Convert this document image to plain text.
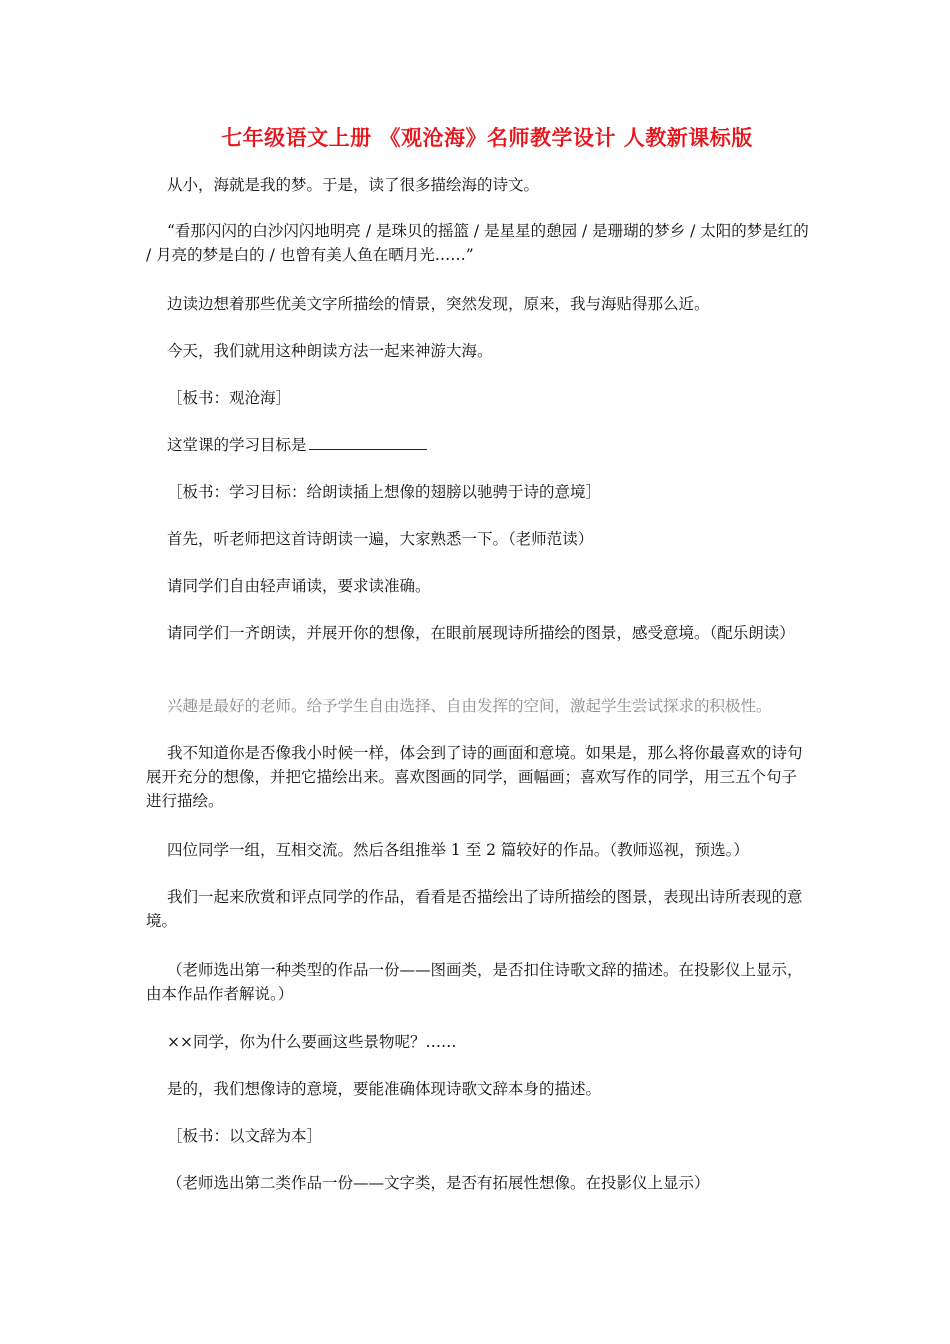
七年级语文上册 《观沧海》名师教学设计 人教新课标版
从小，海就是我的梦。于是，读了很多描绘海的诗文。
“看那闪闪的白沙闪闪地明亮 / 是珠贝的摇篮 / 是星星的憩园 / 是珊瑚的梦乡 / 太阳的梦是红的 / 月亮的梦是白的 / 也曾有美人鱼在晒月光……”
边读边想着那些优美文字所描绘的情景，突然发现，原来，我与海贴得那么近。
今天，我们就用这种朗读方法一起来神游大海。
［板书：观沧海］
这堂课的学习目标是
［板书：学习目标：给朗读插上想像的翅膀以驰骋于诗的意境］
首先，听老师把这首诗朗读一遍，大家熟悉一下。（老师范读）
请同学们自由轻声诵读，要求读准确。
请同学们一齐朗读，并展开你的想像，在眼前展现诗所描绘的图景，感受意境。（配乐朗读）
兴趣是最好的老师。给予学生自由选择、自由发挥的空间，激起学生尝试探求的积极性。
我不知道你是否像我小时候一样，体会到了诗的画面和意境。如果是，那么将你最喜欢的诗句展开充分的想像，并把它描绘出来。喜欢图画的同学，画幅画；喜欢写作的同学，用三五个句子进行描绘。
四位同学一组，互相交流。然后各组推举 1 至 2 篇较好的作品。（教师巡视，预选。）
我们一起来欣赏和评点同学的作品，看看是否描绘出了诗所描绘的图景，表现出诗所表现的意境。
（老师选出第一种类型的作品一份——图画类，是否扣住诗歌文辞的描述。在投影仪上显示，由本作品作者解说。）
××同学，你为什么要画这些景物呢？……
是的，我们想像诗的意境，要能准确体现诗歌文辞本身的描述。
［板书：以文辞为本］
（老师选出第二类作品一份——文字类，是否有拓展性想像。在投影仪上显示）
